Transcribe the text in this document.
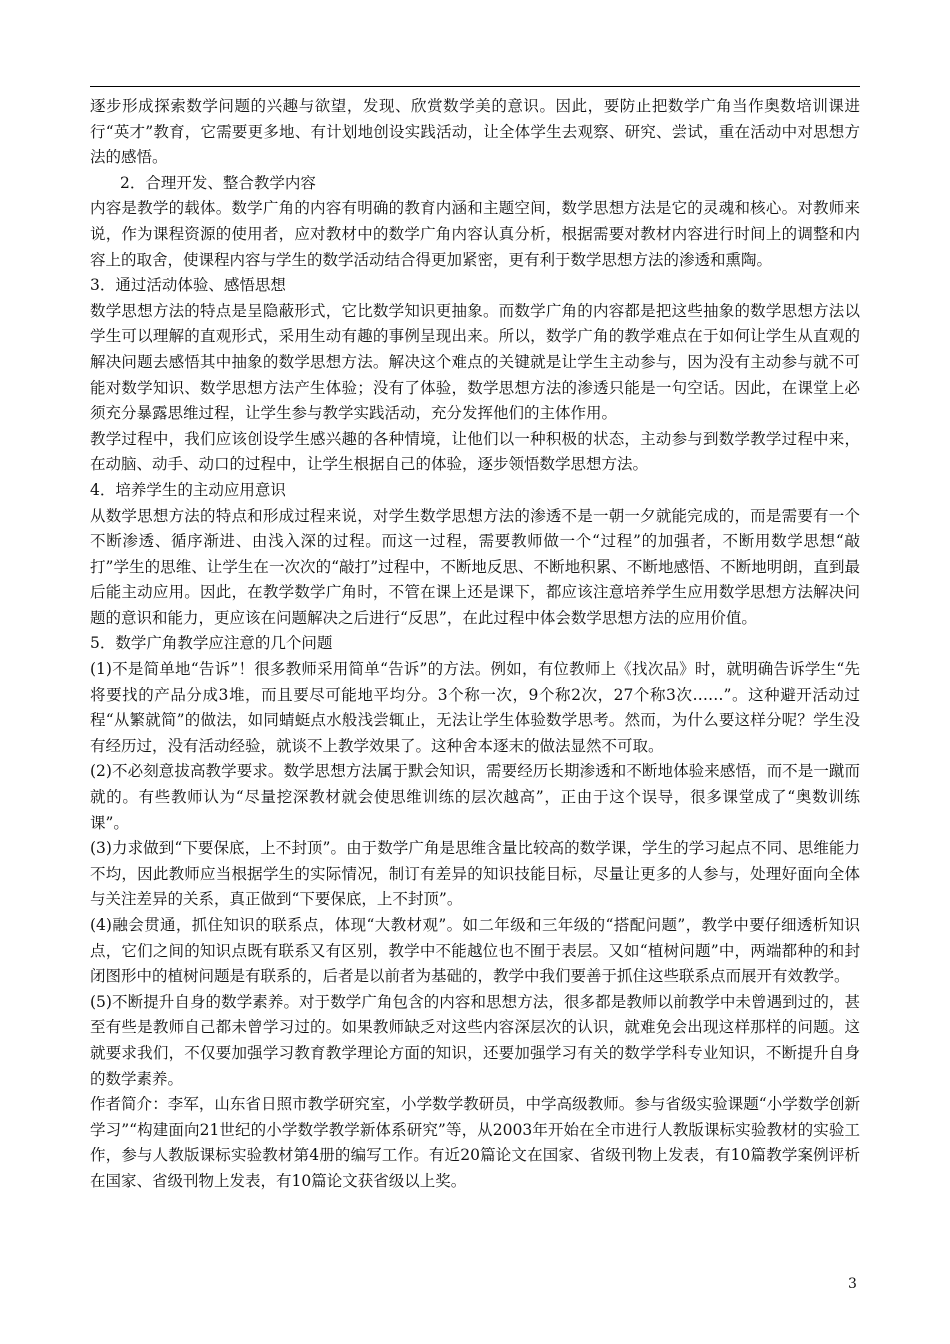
逐步形成探索数学问题的兴趣与欲望，发现、欣赏数学美的意识。因此，要防止把数学广角当作奥数培训课进行“英才”教育，它需要更多地、有计划地创设实践活动，让全体学生去观察、研究、尝试，重在活动中对思想方法的感悟。

2．合理开发、整合教学内容

内容是教学的载体。数学广角的内容有明确的教育内涵和主题空间，数学思想方法是它的灵魂和核心。对教师来说，作为课程资源的使用者，应对教材中的数学广角内容认真分析，根据需要对教材内容进行时间上的调整和内容上的取舍，使课程内容与学生的数学活动结合得更加紧密，更有利于数学思想方法的渗透和熏陶。

3．通过活动体验、感悟思想

数学思想方法的特点是呈隐蔽形式，它比数学知识更抽象。而数学广角的内容都是把这些抽象的数学思想方法以学生可以理解的直观形式，采用生动有趣的事例呈现出来。所以，数学广角的教学难点在于如何让学生从直观的解决问题去感悟其中抽象的数学思想方法。解决这个难点的关键就是让学生主动参与，因为没有主动参与就不可能对数学知识、数学思想方法产生体验；没有了体验，数学思想方法的渗透只能是一句空话。因此，在课堂上必须充分暴露思维过程，让学生参与教学实践活动，充分发挥他们的主体作用。

教学过程中，我们应该创设学生感兴趣的各种情境，让他们以一种积极的状态，主动参与到数学教学过程中来，在动脑、动手、动口的过程中，让学生根据自己的体验，逐步领悟数学思想方法。

4．培养学生的主动应用意识

从数学思想方法的特点和形成过程来说，对学生数学思想方法的渗透不是一朝一夕就能完成的，而是需要有一个不断渗透、循序渐进、由浅入深的过程。而这一过程，需要教师做一个“过程”的加强者，不断用数学思想“敲打”学生的思维、让学生在一次次的“敲打”过程中，不断地反思、不断地积累、不断地感悟、不断地明朗，直到最后能主动应用。因此，在教学数学广角时，不管在课上还是课下，都应该注意培养学生应用数学思想方法解决问题的意识和能力，更应该在问题解决之后进行“反思”，在此过程中体会数学思想方法的应用价值。

5．数学广角教学应注意的几个问题

(1)不是简单地“告诉”！很多教师采用简单“告诉”的方法。例如，有位教师上《找次品》时，就明确告诉学生“先将要找的产品分成3堆，而且要尽可能地平均分。3个称一次，9个称2次，27个称3次……”。这种避开活动过程“从繁就简”的做法，如同蜻蜓点水般浅尝辄止，无法让学生体验数学思考。然而，为什么要这样分呢？学生没有经历过，没有活动经验，就谈不上教学效果了。这种舍本逐末的做法显然不可取。

(2)不必刻意拔高教学要求。数学思想方法属于默会知识，需要经历长期渗透和不断地体验来感悟，而不是一蹴而就的。有些教师认为“尽量挖深教材就会使思维训练的层次越高”，正由于这个误导，很多课堂成了“奥数训练课”。

(3)力求做到“下要保底，上不封顶”。由于数学广角是思维含量比较高的数学课，学生的学习起点不同、思维能力不均，因此教师应当根据学生的实际情况，制订有差异的知识技能目标，尽量让更多的人参与，处理好面向全体与关注差异的关系，真正做到“下要保底，上不封顶”。

(4)融会贯通，抓住知识的联系点，体现“大教材观”。如二年级和三年级的“搭配问题”，教学中要仔细透析知识点，它们之间的知识点既有联系又有区别，教学中不能越位也不囿于表层。又如“植树问题”中，两端都种的和封闭图形中的植树问题是有联系的，后者是以前者为基础的，教学中我们要善于抓住这些联系点而展开有效教学。

(5)不断提升自身的数学素养。对于数学广角包含的内容和思想方法，很多都是教师以前教学中未曾遇到过的，甚至有些是教师自己都未曾学习过的。如果教师缺乏对这些内容深层次的认识，就难免会出现这样那样的问题。这就要求我们，不仅要加强学习教育教学理论方面的知识，还要加强学习有关的数学学科专业知识，不断提升自身的数学素养。

作者简介：李军，山东省日照市教学研究室，小学数学教研员，中学高级教师。参与省级实验课题“小学数学创新学习”“构建面向21世纪的小学数学教学新体系研究”等，从2003年开始在全市进行人教版课标实验教材的实验工作，参与人教版课标实验教材第4册的编写工作。有近20篇论文在国家、省级刊物上发表，有10篇教学案例评析在国家、省级刊物上发表，有10篇论文获省级以上奖。

3
